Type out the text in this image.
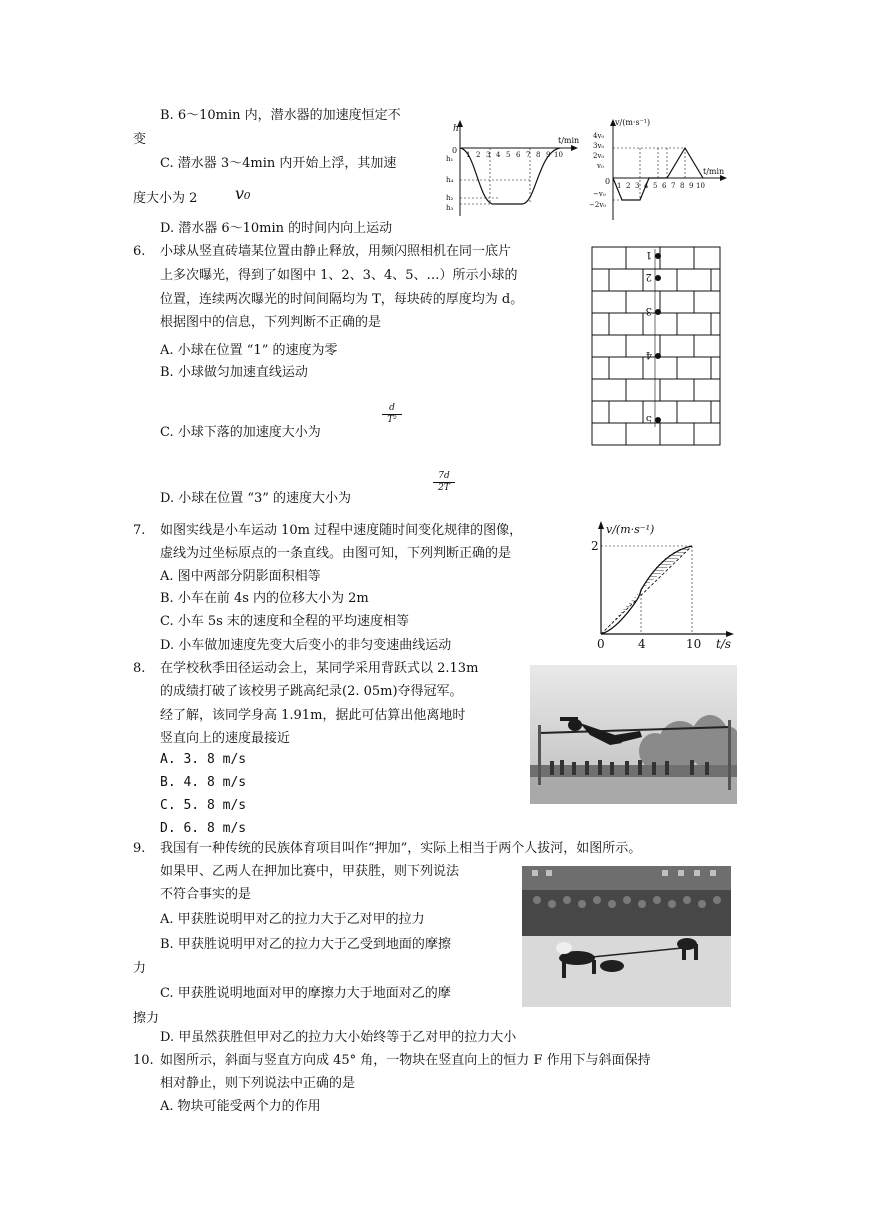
B. 6～10min 内，潜水器的加速度恒定不
变
C. 潜水器 3～4min 内开始上浮，其加速
度大小为 2 v₀
D. 潜水器 6～10min 的时间内向上运动
h
t/min
0 1 2 3 4 5 6 7 8 9 10
h₁
h₄
h₂
h₃
v/(m·s⁻¹)
t/min
0
4v₀
3v₀
2v₀
v₀
−v₀
−2v₀
1 2 3 4 5 6 7 8 9 10
6. 小球从竖直砖墙某位置由静止释放，用频闪照相机在同一底片
上多次曝光，得到了如图中 1、2、3、4、5、…）所示小球的
位置，连续两次曝光的时间间隔均为 T，每块砖的厚度均为 d。
根据图中的信息，下列判断不正确的是
A. 小球在位置 “1” 的速度为零
B. 小球做匀加速直线运动
C. 小球下落的加速度大小为
$\frac{d}{\text{T²}}$
D. 小球在位置 “3” 的速度大小为
$\frac{7d}{2T}$
1
2
3
4
5
7. 如图实线是小车运动 10m 过程中速度随时间变化规律的图像，
虚线为过坐标原点的一条直线。由图可知，下列判断正确的是
A. 图中两部分阴影面积相等
B. 小车在前 4s 内的位移大小为 2m
C. 小车 5s 末的速度和全程的平均速度相等
D. 小车做加速度先变大后变小的非匀变速曲线运动
v/(m·s⁻¹)
t/s
0	4	10
2
8. 在学校秋季田径运动会上，某同学采用背跃式以 2.13m
的成绩打破了该校男子跳高纪录(2. 05m)夺得冠军。
经了解，该同学身高 1.91m，据此可估算出他离地时
竖直向上的速度最接近
A. 3. 8 m/s
B. 4. 8 m/s
C. 5. 8 m/s
D. 6. 8 m/s
9. 我国有一种传统的民族体育项目叫作“押加”，实际上相当于两个人拔河，如图所示。
如果甲、乙两人在押加比赛中，甲获胜，则下列说法
不符合事实的是
A. 甲获胜说明甲对乙的拉力大于乙对甲的拉力
B. 甲获胜说明甲对乙的拉力大于乙受到地面的摩擦
力
C. 甲获胜说明地面对甲的摩擦力大于地面对乙的摩
擦力
D. 甲虽然获胜但甲对乙的拉力大小始终等于乙对甲的拉力大小
10. 如图所示，斜面与竖直方向成 45° 角，一物块在竖直向上的恒力 F 作用下与斜面保持
相对静止，则下列说法中正确的是
A. 物块可能受两个力的作用
